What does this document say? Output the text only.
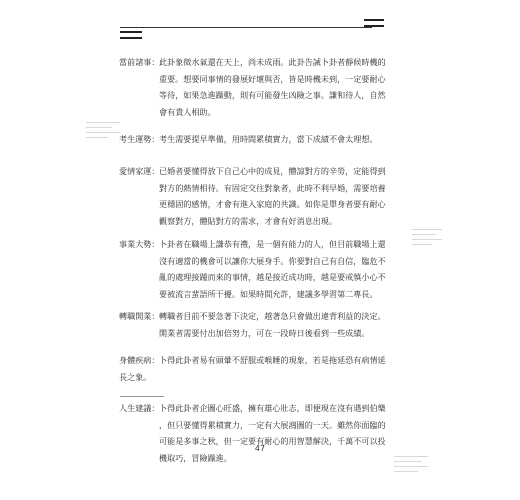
當前諸事： 此卦象徵水氣還在天上，尚未成雨。此卦告誡卜卦者靜候時機的
重要。想要同事情的發展好壞與否，皆是時機未到，一定要耐心
等待，如果急進躁動，則有可能發生凶險之事。謙和待人，自然
會有貴人相助。
考生運勢： 考生需要提早準備，用時間累積實力，當下成績不會太理想。
愛情家運： 已婚者要懂得放下自己心中的成見，體諒對方的辛勞，定能得到
對方的熱情相待。有固定交往對象者，此時不利早婚，需要培養
更穩固的感情，才會有進入家庭的共識。如你是單身者要有耐心
觀察對方，體貼對方的需求，才會有好消息出現。
事業大勢： 卜卦者在職場上謙恭有禮，是一個有能力的人，但目前職場上還
沒有適當的機會可以讓你大展身手。你要對自己有自信，臨危不
亂的處理接踵而來的事情，越是接近成功時，越是要戒慎小心不
要被流言蜚語所干擾。如果時間允許，建議多學習第二專長。
轉職開業： 轉職者目前不要急著下決定，越著急只會做出違背利益的決定。
開業者需要付出加倍努力，可在一段時日後看到一些成績。
身體疾病： 卜得此卦者易有頭暈不舒服或喉睡的現象，若是拖延恐有病情延
長之象。
人生建議： 卜得此卦者企圖心旺盛，擁有雄心壯志，即便現在沒有遇到伯樂
，但只要懂得累積實力，一定有大展鴻圖的一天。雖然你面臨的
可能是多事之秋，但一定要有耐心的用智慧解決，千萬不可以投
機取巧，冒險躁進。
47
